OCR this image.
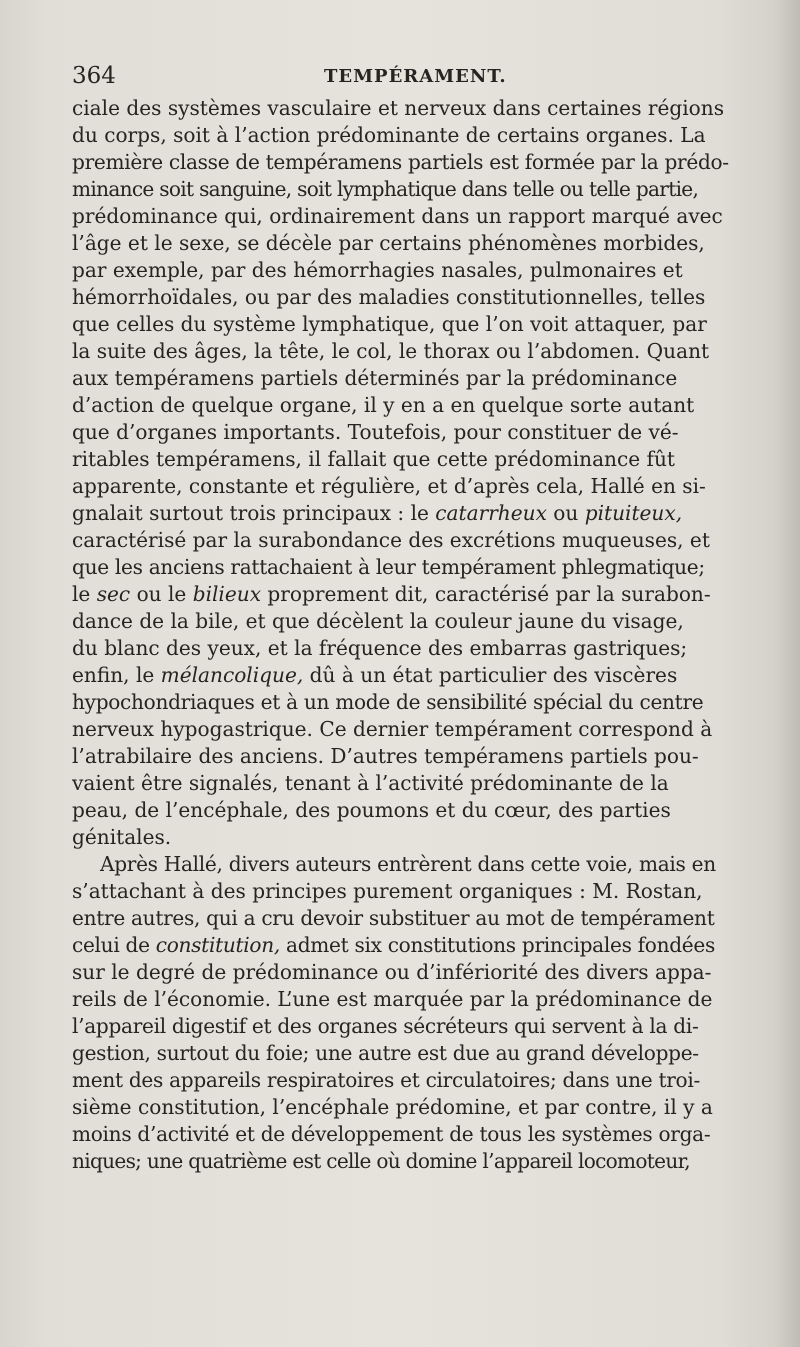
364	TEMPÉRAMENT.
ciale des systèmes vasculaire et nerveux dans certaines régions
du corps, soit à l’action prédominante de certains organes. La
première classe de tempéramens partiels est formée par la prédo-
minance soit sanguine, soit lymphatique dans telle ou telle partie,
prédominance qui, ordinairement dans un rapport marqué avec
l’âge et le sexe, se décèle par certains phénomènes morbides,
par exemple, par des hémorrhagies nasales, pulmonaires et
hémorrhoïdales, ou par des maladies constitutionnelles, telles
que celles du système lymphatique, que l’on voit attaquer, par
la suite des âges, la tête, le col, le thorax ou l’abdomen. Quant
aux tempéramens partiels déterminés par la prédominance
d’action de quelque organe, il y en a en quelque sorte autant
que d’organes importants. Toutefois, pour constituer de vé-
ritables tempéramens, il fallait que cette prédominance fût
apparente, constante et régulière, et d’après cela, Hallé en si-
gnalait surtout trois principaux : le catarrheux ou pituiteux,
caractérisé par la surabondance des excrétions muqueuses, et
que les anciens rattachaient à leur tempérament phlegmatique;
le sec ou le bilieux proprement dit, caractérisé par la surabon-
dance de la bile, et que décèlent la couleur jaune du visage,
du blanc des yeux, et la fréquence des embarras gastriques;
enfin, le mélancolique, dû à un état particulier des viscères
hypochondriaques et à un mode de sensibilité spécial du centre
nerveux hypogastrique. Ce dernier tempérament correspond à
l’atrabilaire des anciens. D’autres tempéramens partiels pou-
vaient être signalés, tenant à l’activité prédominante de la
peau, de l’encéphale, des poumons et du cœur, des parties
génitales.
Après Hallé, divers auteurs entrèrent dans cette voie, mais en
s’attachant à des principes purement organiques : M. Rostan,
entre autres, qui a cru devoir substituer au mot de tempérament
celui de constitution, admet six constitutions principales fondées
sur le degré de prédominance ou d’infériorité des divers appa-
reils de l’économie. L’une est marquée par la prédominance de
l’appareil digestif et des organes sécréteurs qui servent à la di-
gestion, surtout du foie; une autre est due au grand développe-
ment des appareils respiratoires et circulatoires; dans une troi-
sième constitution, l’encéphale prédomine, et par contre, il y a
moins d’activité et de développement de tous les systèmes orga-
niques; une quatrième est celle où domine l’appareil locomoteur,
